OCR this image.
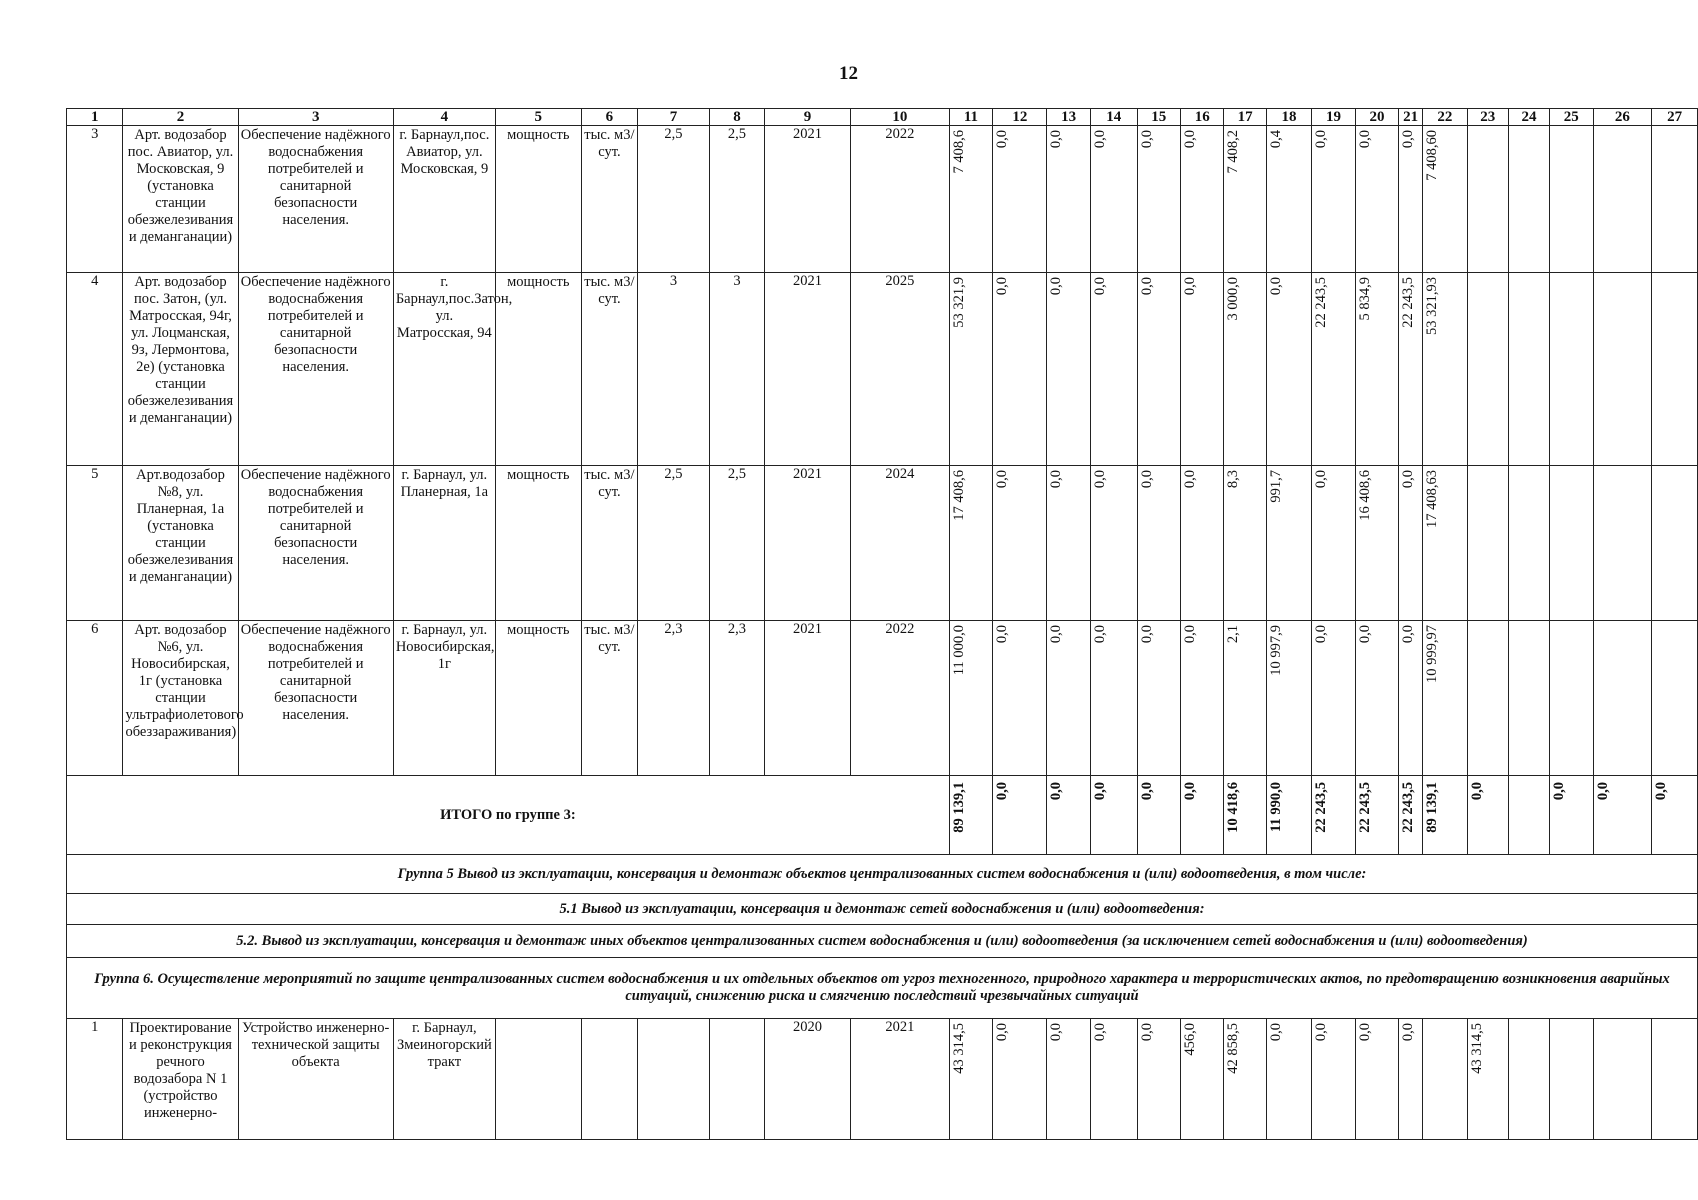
12
1	2	3	4	5	6	7	8	9	10	11	12	13	14	15	16	17	18	19	20	21	22	23	24	25	26	27
3	Арт. водозабор пос. Авиатор, ул. Московская, 9 (установка станции обезжелезивания и деманганации)	Обеспечение надёжного водоснабжения потребителей и санитарной безопасности населения.	г. Барнаул,пос. Авиатор, ул. Московская, 9	мощность	тыс. м3/сут.	2,5	2,5	2021	2022	7 408,6	0,0	0,0	0,0	0,0	0,0	7 408,2	0,4	0,0	0,0	0,0	7 408,60					

4	Арт. водозабор пос. Затон, (ул. Матросская, 94г, ул. Лоцманская, 9з, Лермонтова, 2е) (установка станции обезжелезивания и деманганации)	Обеспечение надёжного водоснабжения потребителей и санитарной безопасности населения.	г. Барнаул,пос.Затон, ул. Матросская, 94	мощность	тыс. м3/сут.	3	3	2021	2025	53 321,9	0,0	0,0	0,0	0,0	0,0	3 000,0	0,0	22 243,5	5 834,9	22 243,5	53 321,93					

5	Арт.водозабор №8, ул. Планерная, 1а (установка станции обезжелезивания и деманганации)	Обеспечение надёжного водоснабжения потребителей и санитарной безопасности населения.	г. Барнаул, ул. Планерная, 1а	мощность	тыс. м3/сут.	2,5	2,5	2021	2024	17 408,6	0,0	0,0	0,0	0,0	0,0	8,3	991,7	0,0	16 408,6	0,0	17 408,63					

6	Арт. водозабор №6, ул. Новосибирская, 1г (установка станции ультрафиолетового обеззараживания)	Обеспечение надёжного водоснабжения потребителей и санитарной безопасности населения.	г. Барнаул, ул. Новосибирская, 1г	мощность	тыс. м3/сут.	2,3	2,3	2021	2022	11 000,0	0,0	0,0	0,0	0,0	0,0	2,1	10 997,9	0,0	0,0	0,0	10 999,97					

ИТОГО по группе 3:										89 139,1	0,0	0,0	0,0	0,0	0,0	10 418,6	11 990,0	22 243,5	22 243,5	22 243,5	89 139,1	0,0		0,0	0,0	0,0

Группа 5 Вывод из эксплуатации, консервация и демонтаж объектов централизованных систем водоснабжения и (или) водоотведения, в том числе:																										
5.1 Вывод из эксплуатации, консервация и демонтаж сетей водоснабжения и (или) водоотведения:																										
5.2. Вывод из эксплуатации, консервация и демонтаж иных объектов централизованных систем водоснабжения и (или) водоотведения (за исключением сетей водоснабжения и (или) водоотведения)																										
Группа 6. Осуществление мероприятий по защите централизованных систем водоснабжения и их отдельных объектов от угроз техногенного, природного характера и террористических актов, по предотвращению возникновения аварийных ситуаций, снижению риска и смягчению последствий чрезвычайных ситуаций																										
1	Проектирование и реконструкция речного водозабора N 1 (устройство инженерно-	Устройство инженерно-технической защиты объекта	г. Барнаул, Змеиногорский тракт					2020	2021	43 314,5	0,0	0,0	0,0	0,0	456,0	42 858,5	0,0	0,0	0,0	0,0		43 314,5				
